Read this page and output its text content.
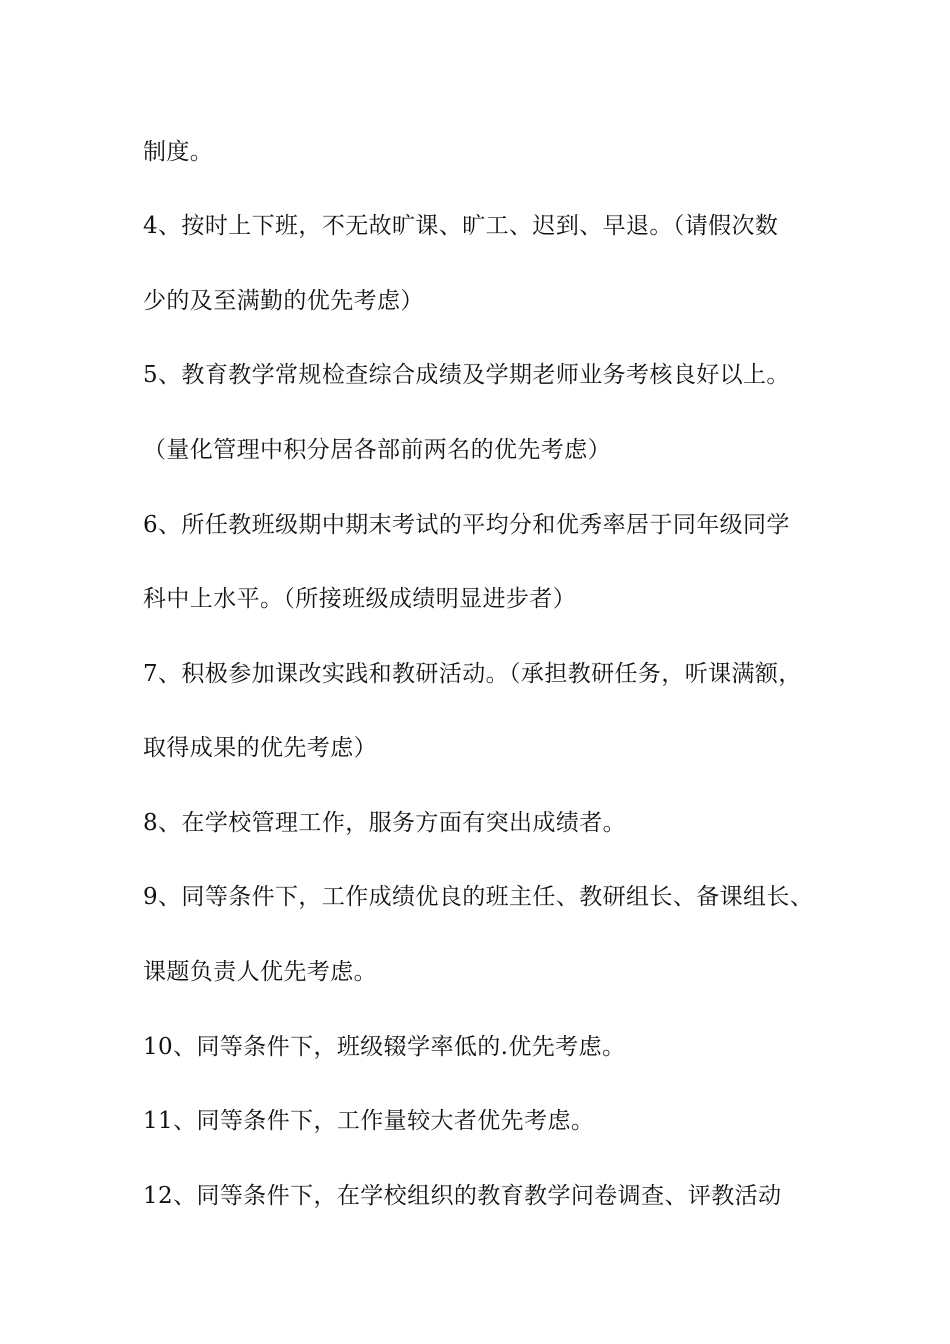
制度。

4、按时上下班，不无故旷课、旷工、迟到、早退。（请假次数

少的及至满勤的优先考虑）

5、教育教学常规检查综合成绩及学期老师业务考核良好以上。

（量化管理中积分居各部前两名的优先考虑）

6、所任教班级期中期末考试的平均分和优秀率居于同年级同学

科中上水平。（所接班级成绩明显进步者）

7、积极参加课改实践和教研活动。（承担教研任务，听课满额，

取得成果的优先考虑）

8、在学校管理工作，服务方面有突出成绩者。

9、同等条件下，工作成绩优良的班主任、教研组长、备课组长、

课题负责人优先考虑。

10、同等条件下，班级辍学率低的.优先考虑。

11、同等条件下，工作量较大者优先考虑。

12、同等条件下，在学校组织的教育教学问卷调查、评教活动
